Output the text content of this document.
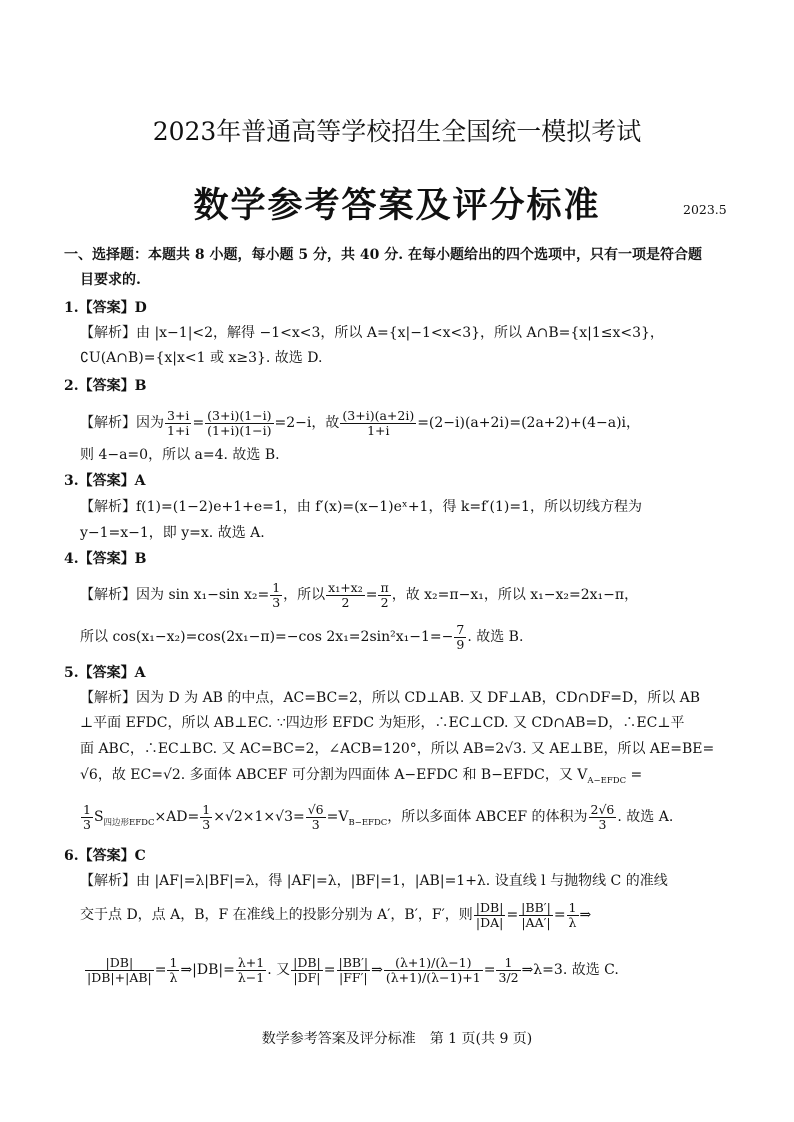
2023年普通高等学校招生全国统一模拟考试
数学参考答案及评分标准	2023.5
一、选择题：本题共 8 小题，每小题 5 分，共 40 分. 在每小题给出的四个选项中，只有一项是符合题
目要求的.
1.【答案】D
【解析】由 |x−1|<2，解得 −1<x<3，所以 A={x|−1<x<3}，所以 A∩B={x|1≤x<3}，
∁U(A∩B)={x|x<1 或 x≥3}. 故选 D.
2.【答案】B
【解析】因为 $\frac{3+i}{1+i} = \frac{(3+i)(1-i)}{(1+i)(1-i)} =2-i$，故 $\frac{(3+i)(a+2i)}{1+i} =(2-i)(a+2i)=(2a+2)+(4-a)i$，
则 4−a=0，所以 a=4. 故选 B.
3.【答案】A
【解析】f(1)=(1−2)e+1+e=1，由 f′(x)=(x−1)eˣ+1，得 k=f′(1)=1，所以切线方程为
y−1=x−1，即 y=x. 故选 A.
4.【答案】B
【解析】因为 sin x₁−sin $x_2= \frac{1}{3}$ ，所以 $\frac{\text{x₁+x₂}}{2} = \frac{\pi}{2}$ ，故 x₂=π−x₁，所以 x₁−x₂=2x₁−π，
所以 cos(x₁−x₂)=cos(2x₁−π)=−cos $2x_1=2\sin^2x_1-1=- \frac{7}{9}$ . 故选 B.
5.【答案】A
【解析】因为 D 为 AB 的中点，AC=BC=2，所以 CD⊥AB. 又 DF⊥AB，CD∩DF=D，所以 AB
⊥平面 EFDC，所以 AB⊥EC. ∵四边形 EFDC 为矩形，∴EC⊥CD. 又 CD∩AB=D，∴EC⊥平
面 ABC，∴EC⊥BC. 又 AC=BC=2，∠ACB=120°，所以 AB=2√3. 又 AE⊥BE，所以 AE=BE=
√6，故 EC=√2. 多面体 ABCEF 可分割为四面体 A−EFDC 和 B−EFDC，又 $V_{A-EFDC}$ =
$\frac{1}{3} S_{四边形EFDC}\times AD= \frac{1}{3} \times√2\times 1\times√3= \frac{√6}{3} =V_{B-EFDC}$，所以多面体 ABCEF 的体积为 $\frac{2√6}{3}$ . 故选 A.
6.【答案】C
【解析】由 |AF|=λ|BF|=λ，得 |AF|=λ，|BF|=1，|AB|=1+λ. 设直线 l 与抛物线 C 的准线
交于点 D，点 A，B，F 在准线上的投影分别为 A′，B′，F′，则 $\frac{|DB|}{|DA|} = \frac{|BB'|}{|AA'|} = \frac{1}{\lambda}$ ⇒
$\frac{|DB|}{|DB|+|AB|} = \frac{1}{\lambda}$ ⇒|DB|= $\frac{\lambda+1}{\lambda-1}$ . 又 $\frac{|DB|}{|DF|} = \frac{|BB'|}{|FF'|}$ ⇒ $\frac{(\lambda+1)/(\lambda-1)}{(\lambda+1)/(\lambda-1)+1} = \frac{1}{3/2}$ ⇒λ=3. 故选 C.
数学参考答案及评分标准　第 1 页(共 9 页)
